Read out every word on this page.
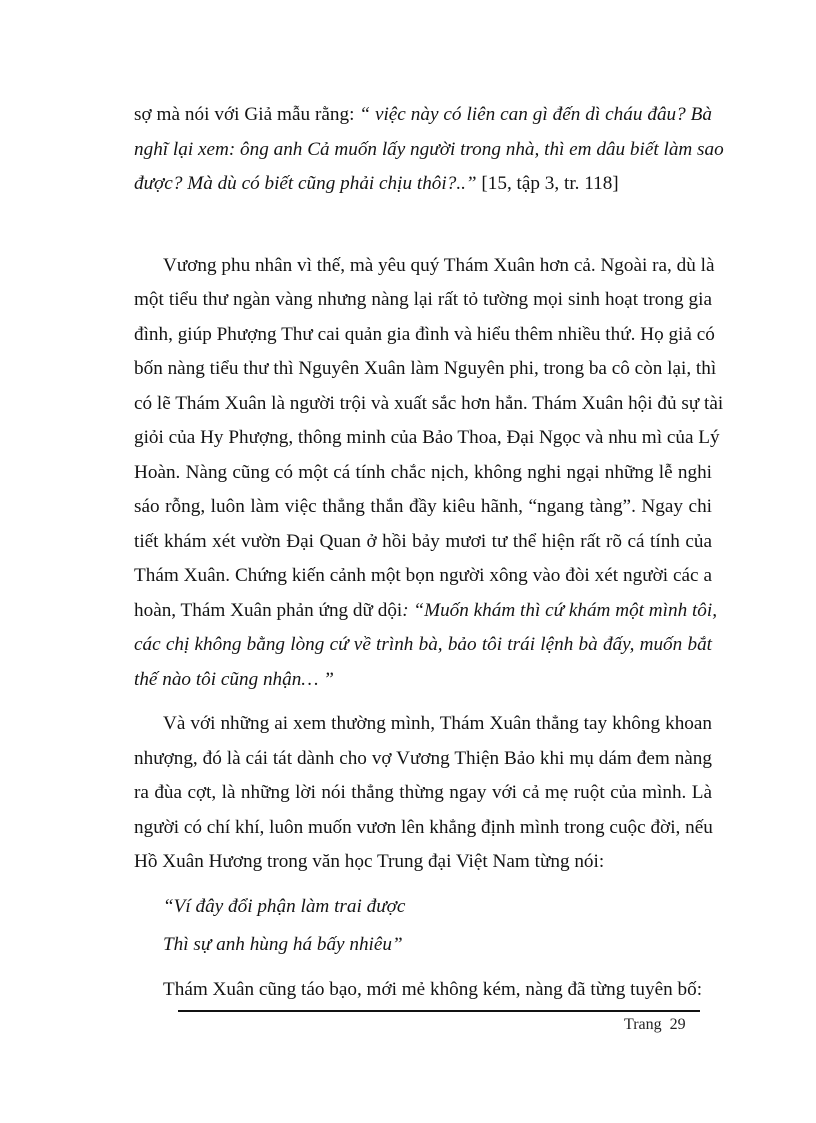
sợ mà nói với Giả mẫu rằng: “ việc này có liên can gì đến dì cháu đâu? Bà
nghĩ lại xem: ông anh Cả muốn lấy người trong nhà, thì em dâu biết làm sao
được? Mà dù có biết cũng phải chịu thôi?..” [15, tập 3, tr. 118]
Vương phu nhân vì thế, mà yêu quý Thám Xuân hơn cả. Ngoài ra, dù là
một tiểu thư ngàn vàng nhưng nàng lại rất tỏ tường mọi sinh hoạt trong gia
đình, giúp Phượng Thư cai quản gia đình và hiểu thêm nhiều thứ. Họ giả có
bốn nàng tiểu thư thì Nguyên Xuân làm Nguyên phi, trong ba cô còn lại, thì
có lẽ Thám Xuân là người trội và xuất sắc hơn hẳn. Thám Xuân hội đủ sự tài
giỏi của Hy Phượng, thông minh của Bảo Thoa, Đại Ngọc và nhu mì của Lý
Hoàn. Nàng cũng có một cá tính chắc nịch, không nghi ngại những lễ nghi
sáo rỗng, luôn làm việc thẳng thắn đầy kiêu hãnh, “ngang tàng”. Ngay chi
tiết khám xét vườn Đại Quan ở hồi bảy mươi tư thể hiện rất rõ cá tính của
Thám Xuân. Chứng kiến cảnh một bọn người xông vào đòi xét người các a
hoàn, Thám Xuân phản ứng dữ dội: “Muốn khám thì cứ khám một mình tôi,
các chị không bằng lòng cứ về trình bà, bảo tôi trái lệnh bà đấy, muốn bắt
thế nào tôi cũng nhận… ”
Và với những ai xem thường mình, Thám Xuân thẳng tay không khoan
nhượng, đó là cái tát dành cho vợ Vương Thiện Bảo khi mụ dám đem nàng
ra đùa cợt, là những lời nói thẳng thừng ngay với cả mẹ ruột của mình. Là
người có chí khí, luôn muốn vươn lên khẳng định mình trong cuộc đời, nếu
Hồ Xuân Hương trong văn học Trung đại Việt Nam từng nói:
“Ví đây đổi phận làm trai được
Thì sự anh hùng há bấy nhiêu”
Thám Xuân cũng táo bạo, mới mẻ không kém, nàng đã từng tuyên bố:
Trang 29
